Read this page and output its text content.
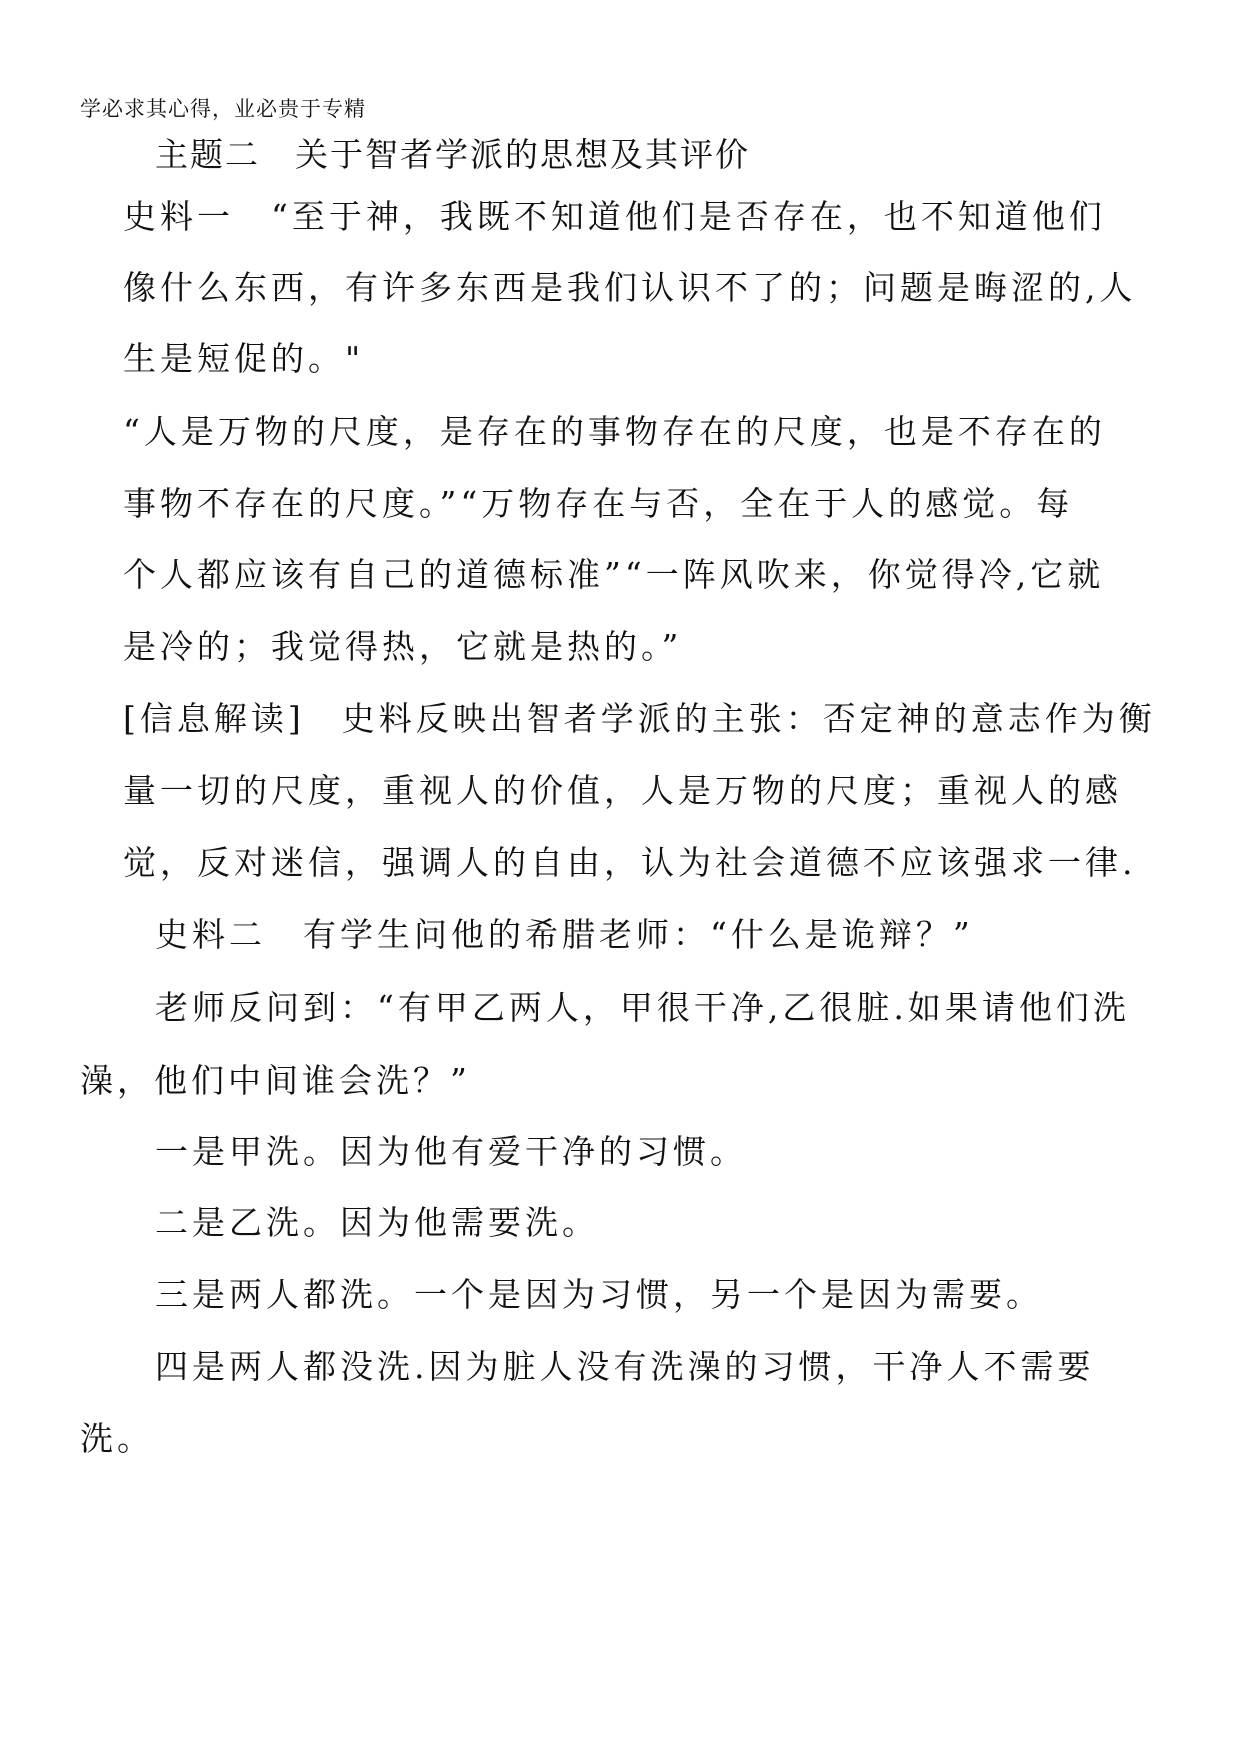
学必求其心得，业必贵于专精
主题二　关于智者学派的思想及其评价
史料一　“至于神，我既不知道他们是否存在，也不知道他们
像什么东西，有许多东西是我们认识不了的；问题是晦涩的,人
生是短促的。"
“人是万物的尺度，是存在的事物存在的尺度，也是不存在的
事物不存在的尺度。”“万物存在与否，全在于人的感觉。每
个人都应该有自己的道德标准”“一阵风吹来，你觉得冷,它就
是冷的；我觉得热，它就是热的。”
[信息解读]　史料反映出智者学派的主张：否定神的意志作为衡
量一切的尺度，重视人的价值，人是万物的尺度；重视人的感
觉，反对迷信，强调人的自由，认为社会道德不应该强求一律.
史料二　有学生问他的希腊老师：“什么是诡辩？”
老师反问到：“有甲乙两人，甲很干净,乙很脏.如果请他们洗
澡，他们中间谁会洗？”
一是甲洗。因为他有爱干净的习惯。
二是乙洗。因为他需要洗。
三是两人都洗。一个是因为习惯，另一个是因为需要。
四是两人都没洗.因为脏人没有洗澡的习惯，干净人不需要
洗。
